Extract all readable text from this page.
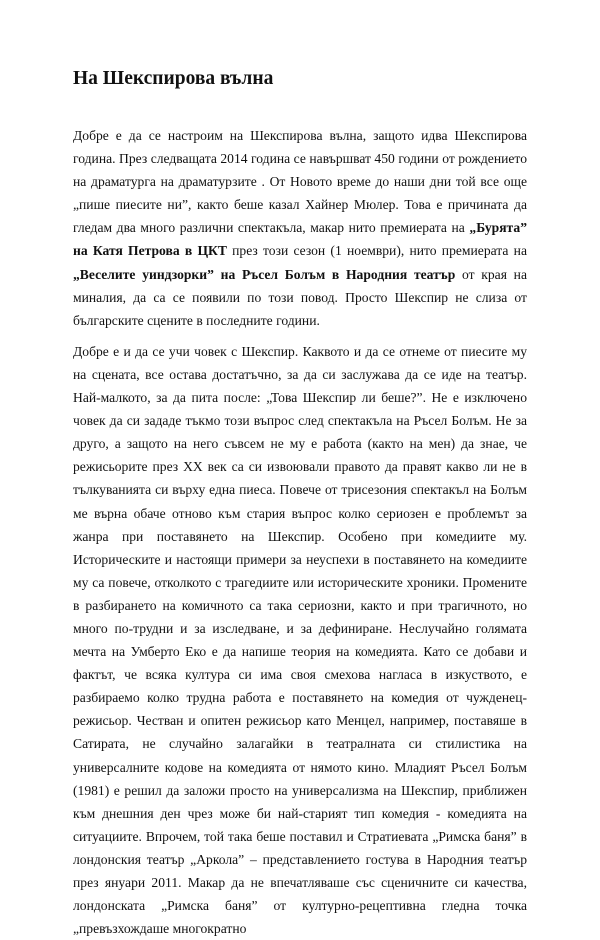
На Шекспирова вълна

Добре е да се настроим на Шекспирова вълна, защото идва Шекспирова година. През следващата 2014 година се навършват 450 години от рождението на драматурга на драматурзите . От Новото време до наши дни той все още „пише пиесите ни”, както беше казал Хайнер Мюлер. Това е причината да гледам два много различни спектакъла, макар нито премиерата на „Бурята” на Катя Петрова в ЦКТ през този сезон (1 ноември), нито премиерата на „Веселите уиндзорки” на Ръсел Болъм в Народния театър от края на миналия, да са се появили по този повод. Просто Шекспир не слиза от българските сцените в последните години.

Добре е и да се учи човек с Шекспир. Каквото и да се отнеме от пиесите му на сцената, все остава достатъчно, за да си заслужава да се иде на театър. Най-малкото, за да пита после: „Това Шекспир ли беше?”. Не е изключено човек да си зададе тъкмо този въпрос след спектакъла на Ръсел Болъм. Не за друго, а защото на него съвсем не му е работа (както на мен) да знае, че режисьорите през ХХ век са си извоювали правото да правят какво ли не в тълкуванията си върху една пиеса. Повече от трисезония спектакъл на Болъм ме върна обаче отново към стария въпрос колко сериозен е проблемът за жанра при поставянето на Шекспир. Особено при комедиите му. Историческите и настоящи примери за неуспехи в поставянето на комедиите му са повече, отколкото с трагедиите или историческите хроники. Промените в разбирането на комичното са така сериозни, както и при трагичното, но много по-трудни и за изследване, и за дефиниране. Неслучайно голямата мечта на Умберто Еко е да напише теория на комедията. Като се добави и фактът, че всяка култура си има своя смехова нагласа в изкуството, е разбираемо колко трудна работа е поставянето на комедия от чужденец-режисьор. Честван и опитен режисьор като Менцел, например, поставяше в Сатирата, не случайно залагайки в театралната си стилистика на универсалните кодове на комедията от нямото кино. Младият Ръсел Болъм (1981) е решил да заложи просто на универсализма на Шекспир, приближен към днешния ден чрез може би най-старият тип комедия - комедията на ситуациите. Впрочем, той така беше поставил и Стратиевата „Римска баня” в лондонския театър „Арколa” – представлението гостува в Народния театър през януари 2011. Макар да не впечатляваше със сценичните си качества, лондонската „Римска баня” от културно-рецептивна гледна точка „превъзхождаше многократно
